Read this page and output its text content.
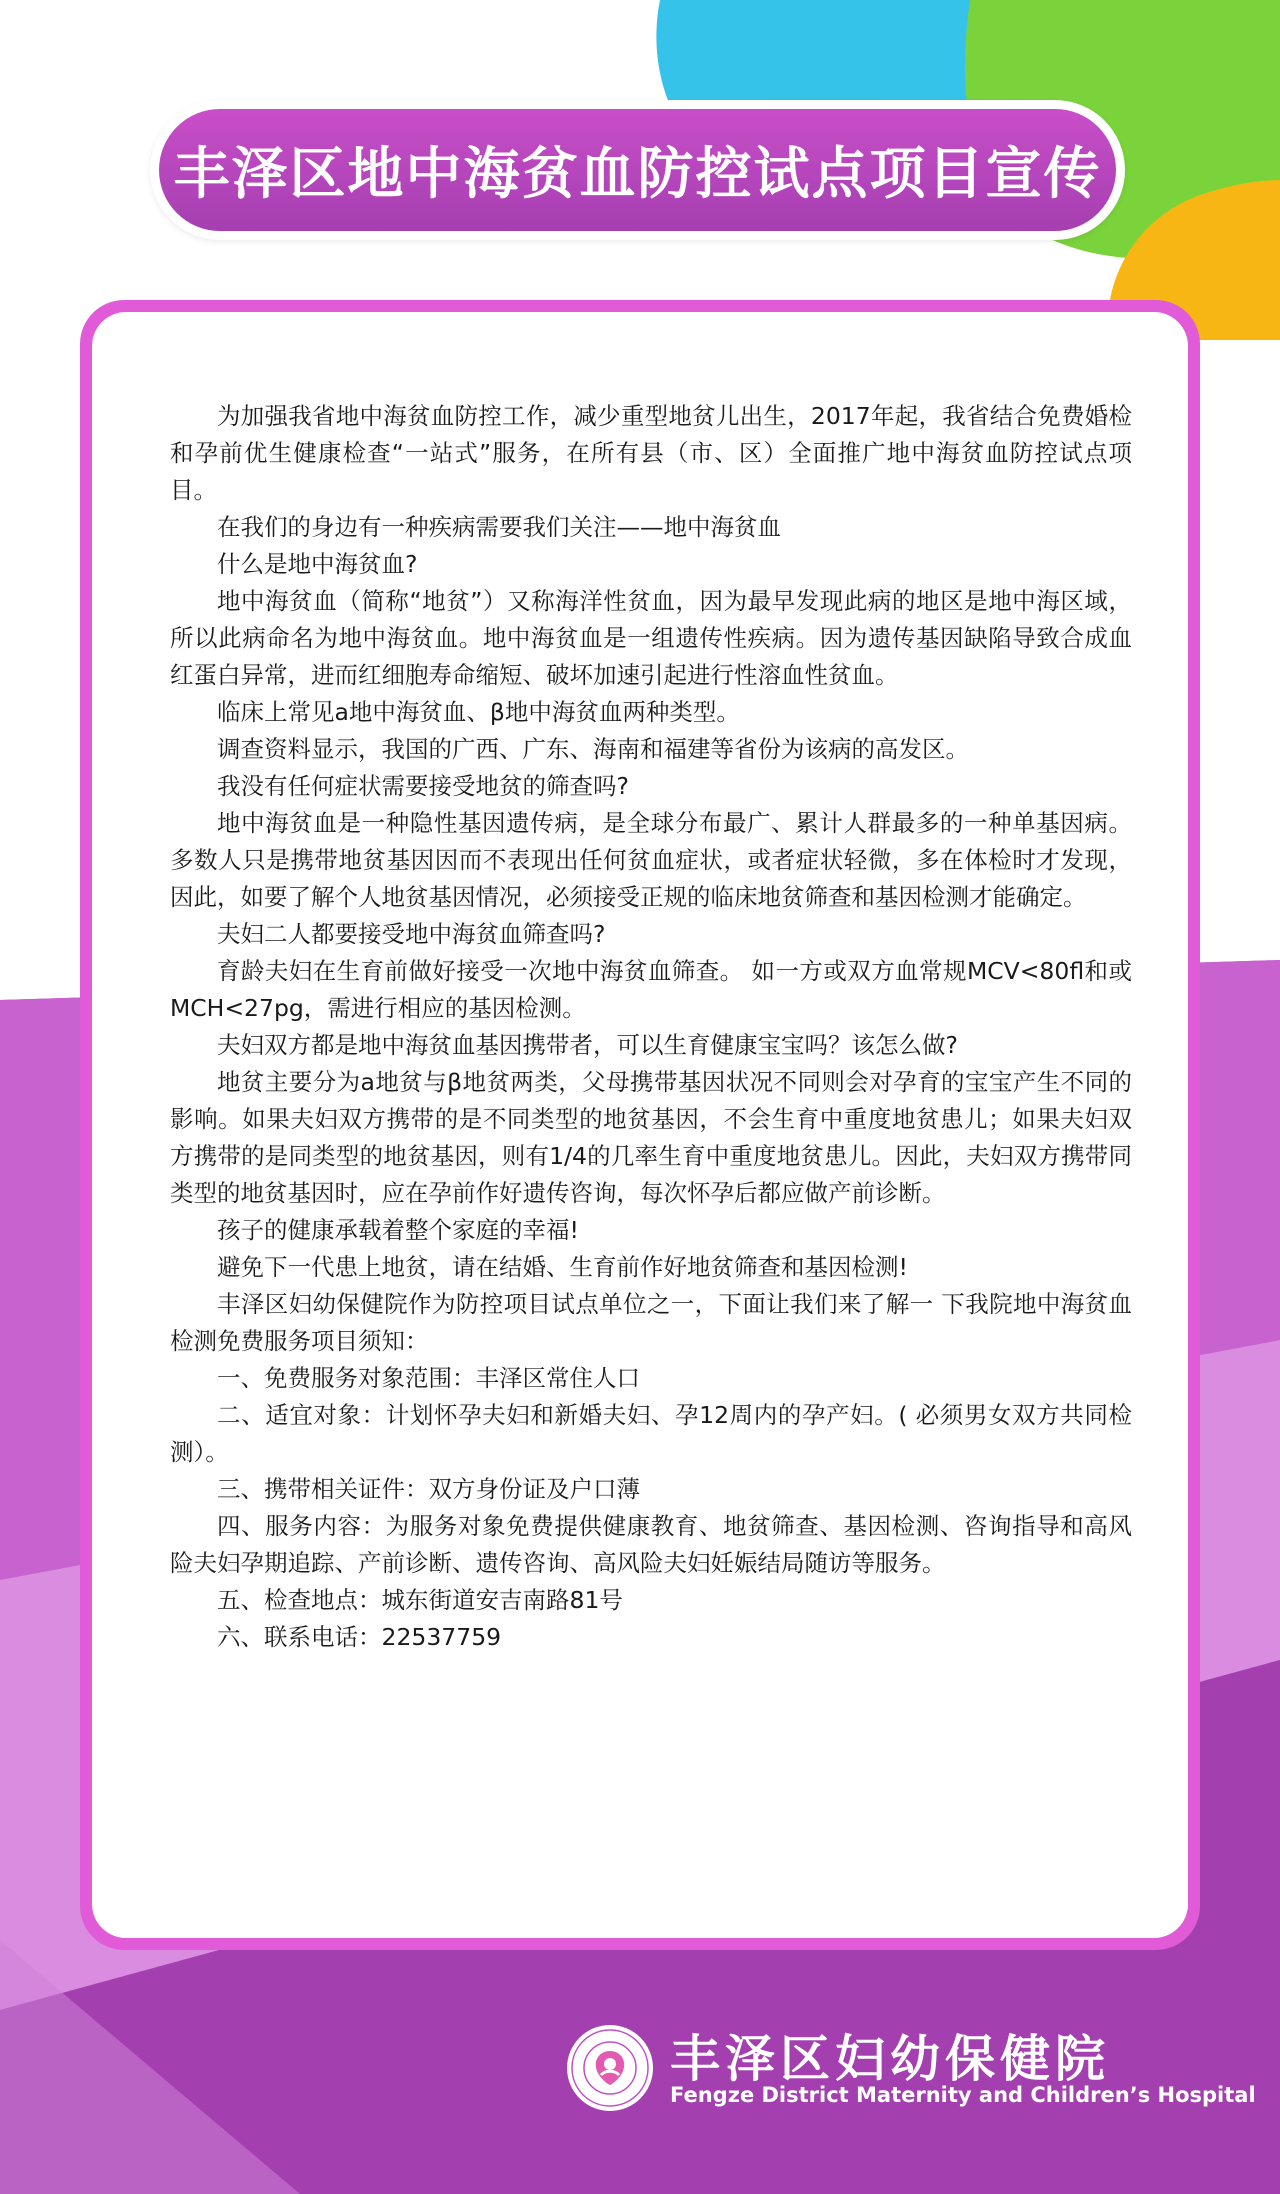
丰泽区地中海贫血防控试点项目宣传

为加强我省地中海贫血防控工作，减少重型地贫儿出生，2017年起，我省结合免费婚检和孕前优生健康检查“一站式”服务，在所有县（市、区）全面推广地中海贫血防控试点项目。

在我们的身边有一种疾病需要我们关注——地中海贫血

什么是地中海贫血?

地中海贫血（简称“地贫”）又称海洋性贫血，因为最早发现此病的地区是地中海区域，所以此病命名为地中海贫血。地中海贫血是一组遗传性疾病。因为遗传基因缺陷导致合成血红蛋白异常，进而红细胞寿命缩短、破坏加速引起进行性溶血性贫血。

临床上常见a地中海贫血、β地中海贫血两种类型。

调查资料显示，我国的广西、广东、海南和福建等省份为该病的高发区。

我没有任何症状需要接受地贫的筛查吗?

地中海贫血是一种隐性基因遗传病，是全球分布最广、累计人群最多的一种单基因病。多数人只是携带地贫基因因而不表现出任何贫血症状，或者症状轻微，多在体检时才发现，因此，如要了解个人地贫基因情况，必须接受正规的临床地贫筛查和基因检测才能确定。

夫妇二人都要接受地中海贫血筛查吗?

育龄夫妇在生育前做好接受一次地中海贫血筛查。 如一方或双方血常规MCV<80fl和或MCH<27pg，需进行相应的基因检测。

夫妇双方都是地中海贫血基因携带者，可以生育健康宝宝吗？该怎么做?

地贫主要分为a地贫与β地贫两类，父母携带基因状况不同则会对孕育的宝宝产生不同的影响。如果夫妇双方携带的是不同类型的地贫基因，不会生育中重度地贫患儿；如果夫妇双方携带的是同类型的地贫基因，则有1/4的几率生育中重度地贫患儿。因此，夫妇双方携带同类型的地贫基因时，应在孕前作好遗传咨询，每次怀孕后都应做产前诊断。

孩子的健康承载着整个家庭的幸福!

避免下一代患上地贫，请在结婚、生育前作好地贫筛查和基因检测!

丰泽区妇幼保健院作为防控项目试点单位之一，下面让我们来了解一 下我院地中海贫血检测免费服务项目须知：

一、免费服务对象范围：丰泽区常住人口

二、适宜对象：计划怀孕夫妇和新婚夫妇、孕12周内的孕产妇。( 必须男女双方共同检测）。

三、携带相关证件：双方身份证及户口薄

四、服务内容：为服务对象免费提供健康教育、地贫筛查、基因检测、咨询指导和高风险夫妇孕期追踪、产前诊断、遗传咨询、高风险夫妇妊娠结局随访等服务。

五、检查地点：城东街道安吉南路81号

六、联系电话：22537759

丰泽区妇幼保健院
Fengze District Maternity and Children’s Hospital
